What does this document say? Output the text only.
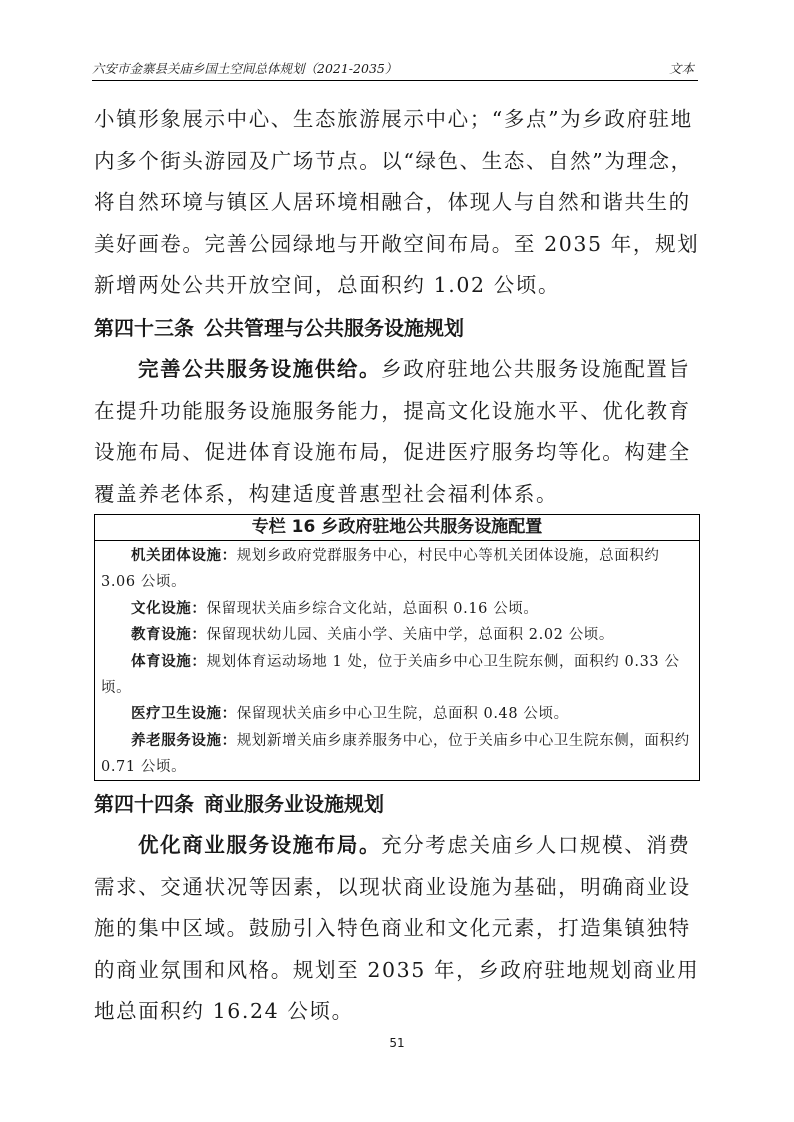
六安市金寨县关庙乡国土空间总体规划（2021-2035）	文本

小镇形象展示中心、生态旅游展示中心；“多点”为乡政府驻地内多个街头游园及广场节点。以“绿色、生态、自然”为理念，将自然环境与镇区人居环境相融合，体现人与自然和谐共生的美好画卷。完善公园绿地与开敞空间布局。至 2035 年，规划新增两处公共开放空间，总面积约 1.02 公顷。

第四十三条 公共管理与公共服务设施规划

完善公共服务设施供给。乡政府驻地公共服务设施配置旨在提升功能服务设施服务能力，提高文化设施水平、优化教育设施布局、促进体育设施布局，促进医疗服务均等化。构建全覆盖养老体系，构建适度普惠型社会福利体系。

专栏 16 乡政府驻地公共服务设施配置

机关团体设施：规划乡政府党群服务中心，村民中心等机关团体设施，总面积约 3.06 公顷。

文化设施：保留现状关庙乡综合文化站，总面积 0.16 公顷。

教育设施：保留现状幼儿园、关庙小学、关庙中学，总面积 2.02 公顷。

体育设施：规划体育运动场地 1 处，位于关庙乡中心卫生院东侧，面积约 0.33 公顷。

医疗卫生设施：保留现状关庙乡中心卫生院，总面积 0.48 公顷。

养老服务设施：规划新增关庙乡康养服务中心，位于关庙乡中心卫生院东侧，面积约 0.71 公顷。

第四十四条 商业服务业设施规划

优化商业服务设施布局。充分考虑关庙乡人口规模、消费需求、交通状况等因素，以现状商业设施为基础，明确商业设施的集中区域。鼓励引入特色商业和文化元素，打造集镇独特的商业氛围和风格。规划至 2035 年，乡政府驻地规划商业用地总面积约 16.24 公顷。

51
